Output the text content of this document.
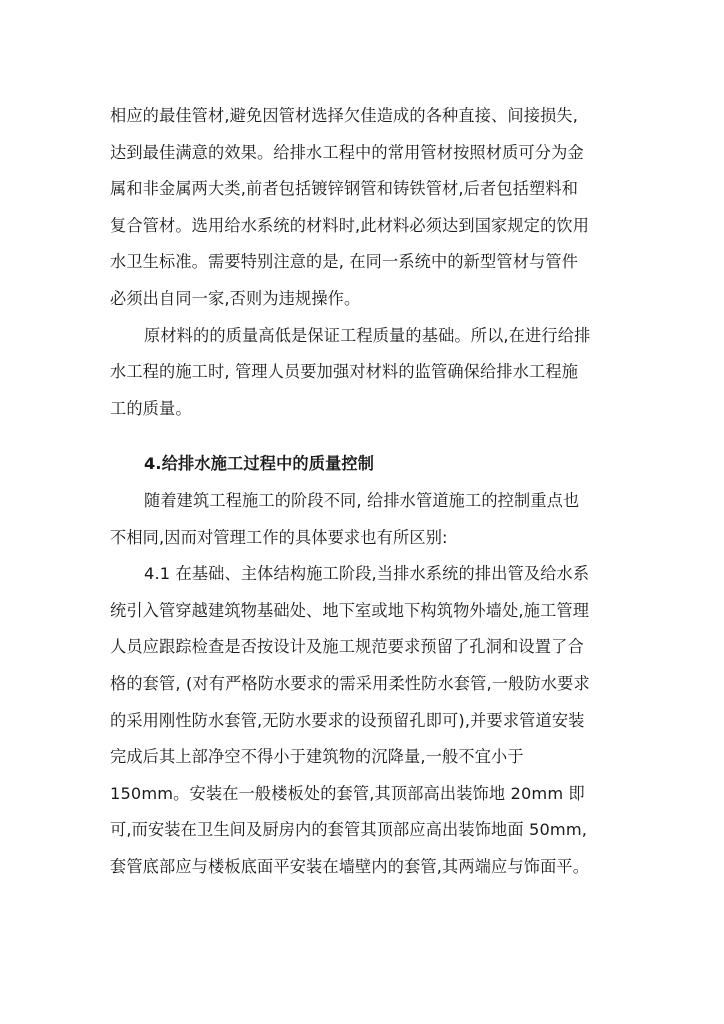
相应的最佳管材,避免因管材选择欠佳造成的各种直接、间接损失,
达到最佳满意的效果。给排水工程中的常用管材按照材质可分为金
属和非金属两大类,前者包括镀锌钢管和铸铁管材,后者包括塑料和
复合管材。选用给水系统的材料时,此材料必须达到国家规定的饮用
水卫生标准。需要特别注意的是, 在同一系统中的新型管材与管件
必须出自同一家,否则为违规操作。
原材料的的质量高低是保证工程质量的基础。所以,在进行给排
水工程的施工时, 管理人员要加强对材料的监管确保给排水工程施
工的质量。
4.给排水施工过程中的质量控制
随着建筑工程施工的阶段不同, 给排水管道施工的控制重点也
不相同,因而对管理工作的具体要求也有所区别:
4.1 在基础、主体结构施工阶段,当排水系统的排出管及给水系
统引入管穿越建筑物基础处、地下室或地下构筑物外墙处,施工管理
人员应跟踪检查是否按设计及施工规范要求预留了孔洞和设置了合
格的套管, (对有严格防水要求的需采用柔性防水套管,一般防水要求
的采用刚性防水套管,无防水要求的设预留孔即可),并要求管道安装
完成后其上部净空不得小于建筑物的沉降量,一般不宜小于
150mm。安装在一般楼板处的套管,其顶部高出装饰地 20mm 即
可,而安装在卫生间及厨房内的套管其顶部应高出装饰地面 50mm,
套管底部应与楼板底面平安装在墙壁内的套管,其两端应与饰面平。
